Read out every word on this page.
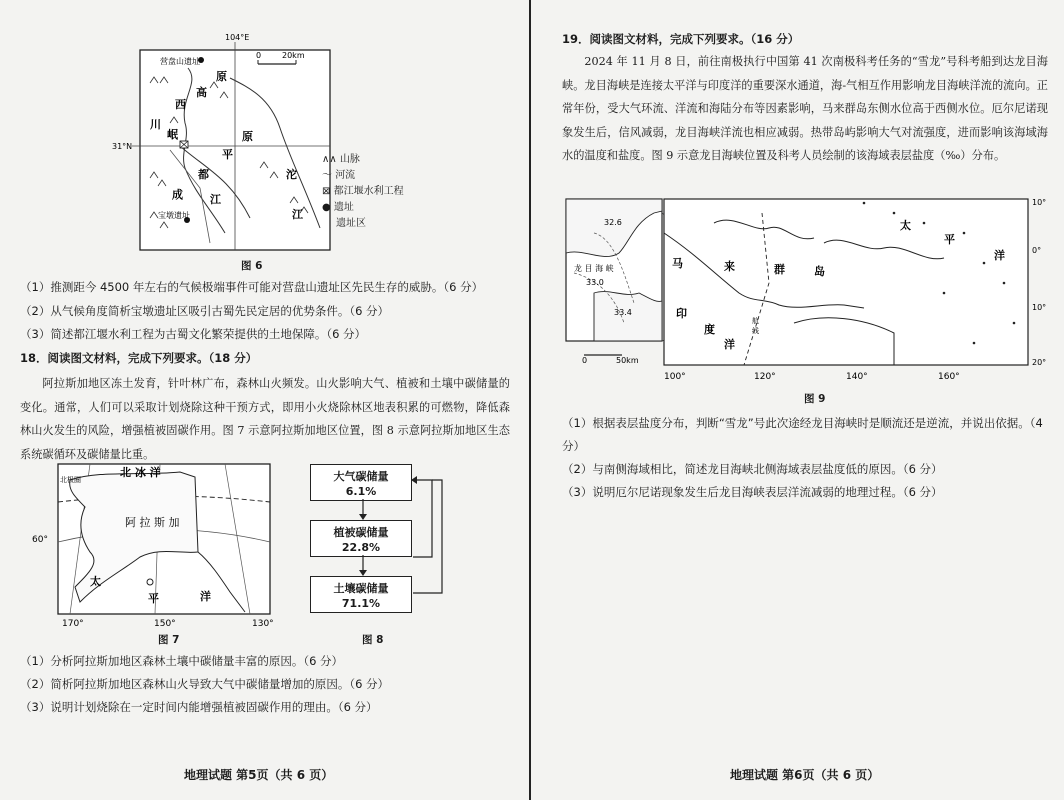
0	20km
104°E
31°N
营盘山遗址
宝墩遗址
川
西
高
原
岷
平
原
成
都
江
沱
江
∧∧ 山脉
～ 河流
⊠ 都江堰水利工程
● 遗址
遗址区
图 6
（1）推测距今 4500 年左右的气候极端事件可能对营盘山遗址区先民生存的威胁。（6 分）
（2）从气候角度简析宝墩遗址区吸引古蜀先民定居的优势条件。（6 分）
（3）简述都江堰水利工程为古蜀文化繁荣提供的土地保障。（6 分）
18．阅读图文材料，完成下列要求。（18 分）
阿拉斯加地区冻土发育，针叶林广布，森林山火频发。山火影响大气、植被和土壤中碳储量的变化。通常，人们可以采取计划烧除这种干预方式，即用小火烧除林区地表积累的可燃物，降低森林山火发生的风险，增强植被固碳作用。图 7 示意阿拉斯加地区位置，图 8 示意阿拉斯加地区生态系统碳循环及碳储量比重。
北极圈
北 冰 洋
阿 拉 斯 加
60°
太
平	洋
170°	150°	130°
图 7
大气碳储量
6.1%
植被碳储量
22.8%
土壤碳储量
71.1%
图 8
（1）分析阿拉斯加地区森林土壤中碳储量丰富的原因。（6 分）
（2）简析阿拉斯加地区森林山火导致大气中碳储量增加的原因。（6 分）
（3）说明计划烧除在一定时间内能增强植被固碳作用的理由。（6 分）
地理试题 第5页（共 6 页）
19．阅读图文材料，完成下列要求。（16 分）
2024 年 11 月 8 日，前往南极执行中国第 41 次南极科考任务的“雪龙”号科考船到达龙目海峡。龙目海峡是连接太平洋与印度洋的重要深水通道，海-气相互作用影响龙目海峡洋流的流向。正常年份，受大气环流、洋流和海陆分布等因素影响，马来群岛东侧水位高于西侧水位。厄尔尼诺现象发生后，信风减弱，龙目海峡洋流也相应减弱。热带岛屿影响大气对流强度，进而影响该海域海水的温度和盐度。图 9 示意龙目海峡位置及科考人员绘制的该海域表层盐度（‰）分布。
32.6
龙 目 海 峡
33.0
33.4
0	50km
太
平
洋
马	来	群	岛
印
度
洋
航
线
10°
0°
10°
20°
100°	120°	140°	160°
图 9
（1）根据表层盐度分布，判断“雪龙”号此次途经龙目海峡时是顺流还是逆流，并说出依据。（4 分）
（2）与南侧海域相比，简述龙目海峡北侧海域表层盐度低的原因。（6 分）
（3）说明厄尔尼诺现象发生后龙目海峡表层洋流减弱的地理过程。（6 分）
地理试题 第6页（共 6 页）
